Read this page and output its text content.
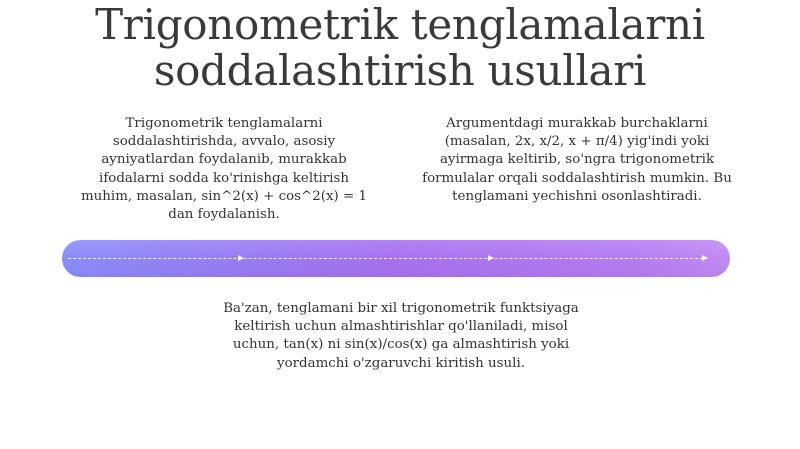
Trigonometrik tenglamalarni
soddalashtirish usullari

Trigonometrik tenglamalarni soddalashtirishda, avvalo, asosiy ayniyatlardan foydalanib, murakkab ifodalarni sodda ko'rinishga keltirish muhim, masalan, sin^2(x) + cos^2(x) = 1 dan foydalanish.

Argumentdagi murakkab burchaklarni (masalan, 2x, x/2, x + π/4) yig'indi yoki ayirmaga keltirib, so'ngra trigonometrik formulalar orqali soddalashtirish mumkin. Bu tenglamani yechishni osonlashtiradi.

Ba'zan, tenglamani bir xil trigonometrik funktsiyaga keltirish uchun almashtirishlar qo'llaniladi, misol uchun, tan(x) ni sin(x)/cos(x) ga almashtirish yoki yordamchi o'zgaruvchi kiritish usuli.
